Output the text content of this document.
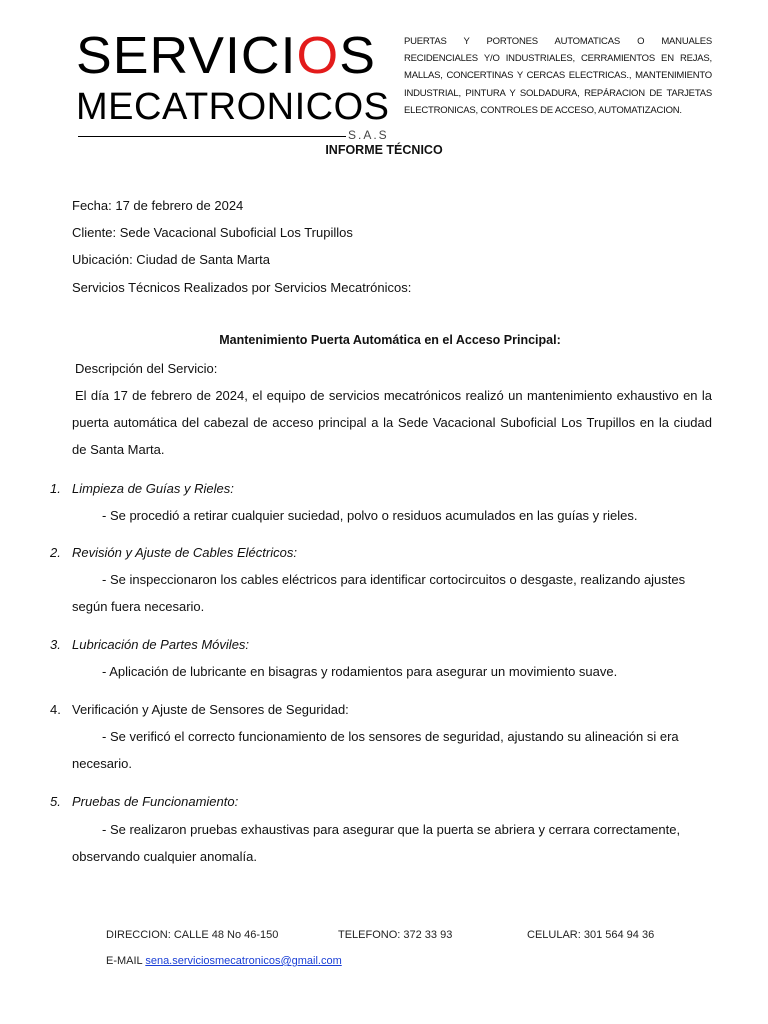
SERVICIOS
MECATRONICOS
S.A.S
PUERTAS Y PORTONES AUTOMATICAS O MANUALES RECIDENCIALES Y/O INDUSTRIALES, CERRAMIENTOS EN REJAS, MALLAS, CONCERTINAS Y CERCAS ELECTRICAS., MANTENIMIENTO INDUSTRIAL, PINTURA Y SOLDADURA, REPÁRACION DE TARJETAS ELECTRONICAS, CONTROLES DE ACCESO, AUTOMATIZACION.
INFORME TÉCNICO
Fecha: 17 de febrero de 2024
Cliente: Sede Vacacional Suboficial Los Trupillos
Ubicación: Ciudad de Santa Marta
Servicios Técnicos Realizados por Servicios Mecatrónicos:
Mantenimiento Puerta Automática en el Acceso Principal:
Descripción del Servicio:
El día 17 de febrero de 2024, el equipo de servicios mecatrónicos realizó un mantenimiento exhaustivo en la puerta automática del cabezal de acceso principal a la Sede Vacacional Suboficial Los Trupillos en la ciudad de Santa Marta.
1. Limpieza de Guías y Rieles:
- Se procedió a retirar cualquier suciedad, polvo o residuos acumulados en las guías y rieles.
2. Revisión y Ajuste de Cables Eléctricos:
- Se inspeccionaron los cables eléctricos para identificar cortocircuitos o desgaste, realizando ajustes según fuera necesario.
3. Lubricación de Partes Móviles:
- Aplicación de lubricante en bisagras y rodamientos para asegurar un movimiento suave.
4. Verificación y Ajuste de Sensores de Seguridad:
- Se verificó el correcto funcionamiento de los sensores de seguridad, ajustando su alineación si era necesario.
5. Pruebas de Funcionamiento:
- Se realizaron pruebas exhaustivas para asegurar que la puerta se abriera y cerrara correctamente, observando cualquier anomalía.
DIRECCION: CALLE 48 No 46-150	TELEFONO: 372 33 93	CELULAR: 301 564 94 36
E-MAIL sena.serviciosmecatronicos@gmail.com
